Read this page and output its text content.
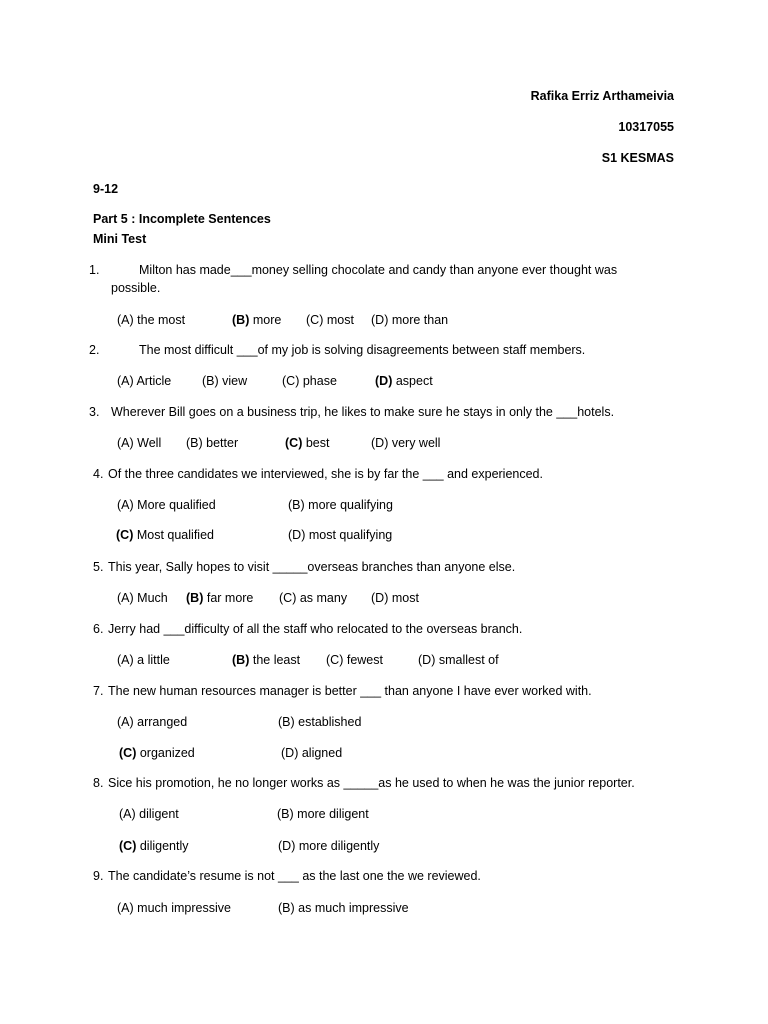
Rafika Erriz Arthameivia
10317055
S1 KESMAS
9-12
Part 5 : Incomplete Sentences
Mini Test
1.	Milton has made___money selling chocolate and candy than anyone ever thought was
possible.
(A) the most	(B) more (C) most (D) more than
2.	The most difficult ___of my job is solving disagreements between staff members.
(A) Article (B) view	(C) phase	(D) aspect
3. Wherever Bill goes on a business trip, he likes to make sure he stays in only the ___hotels.
(A) Well (B) better	(C) best	(D) very well
4. Of the three candidates we interviewed, she is by far the ___ and experienced.
(A) More qualified	(B) more qualifying
(C) Most qualified	(D) most qualifying
5. This year, Sally hopes to visit _____overseas branches than anyone else.
(A) Much (B) far more (C) as many (D) most
6. Jerry had ___difficulty of all the staff who relocated to the overseas branch.
(A) a little	(B) the least (C) fewest	(D) smallest of
7. The new human resources manager is better ___ than anyone I have ever worked with.
(A) arranged	(B) established
(C) organized	(D) aligned
8. Sice his promotion, he no longer works as _____as he used to when he was the junior reporter.
(A) diligent	(B) more diligent
(C) diligently	(D) more diligently
9. The candidate’s resume is not ___ as the last one the we reviewed.
(A) much impressive	(B) as much impressive
